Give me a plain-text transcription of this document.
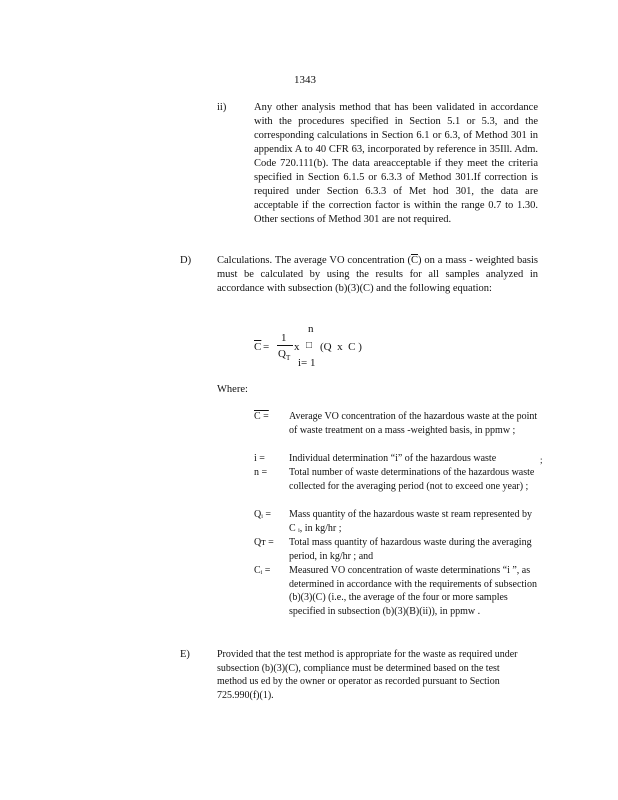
1343
ii)	Any other analysis method that has been validated in accordance with the procedures specified in Section 5.1 or 5.3, and the corresponding calculations in Section 6.1 or 6.3, of Method 301 in appendix A to 40 CFR 63, incorporated by reference in 35Ill. Adm. Code 720.111(b). The data areacceptable if they meet the criteria specified in Section 6.1.5 or 6.3.3 of Method 301.If correction is required under Section 6.3.3 of Met hod 301, the data are acceptable if the correction factor is within the range 0.7 to 1.30. Other sections of Method 301 are not required.
D) Calculations. The average VO concentration $(\overline{C})$ on a mass - weighted basis must be calculated by using the results for all samples analyzed in accordance with subsection (b)(3)(C) and the following equation:
n
$\overline{C}$ =
1
$Q_T$
x □ (Q x C )
i= 1
Where:
C = Average VO concentration of the hazardous waste at the point of waste treatment on a mass -weighted basis, in ppmw ;
i = Individual determination “i” of the hazardous waste
n = Total number of waste determinations of the hazardous waste collected for the averaging period (not to exceed one year) ;
Qᵢ = Mass quantity of the hazardous waste st ream represented by C ᵢ, in kg/hr ;
Qᴛ = Total mass quantity of hazardous waste during the averaging period, in kg/hr ; and
Cᵢ = Measured VO concentration of waste determinations “i ”, as determined in accordance with the requirements of subsection (b)(3)(C) (i.e., the average of the four or more samples specified in subsection (b)(3)(B)(ii)), in ppmw .
;
E)	Provided that the test method is appropriate for the waste as required under subsection (b)(3)(C), compliance must be determined based on the test method us ed by the owner or operator as recorded pursuant to Section 725.990(f)(1).
